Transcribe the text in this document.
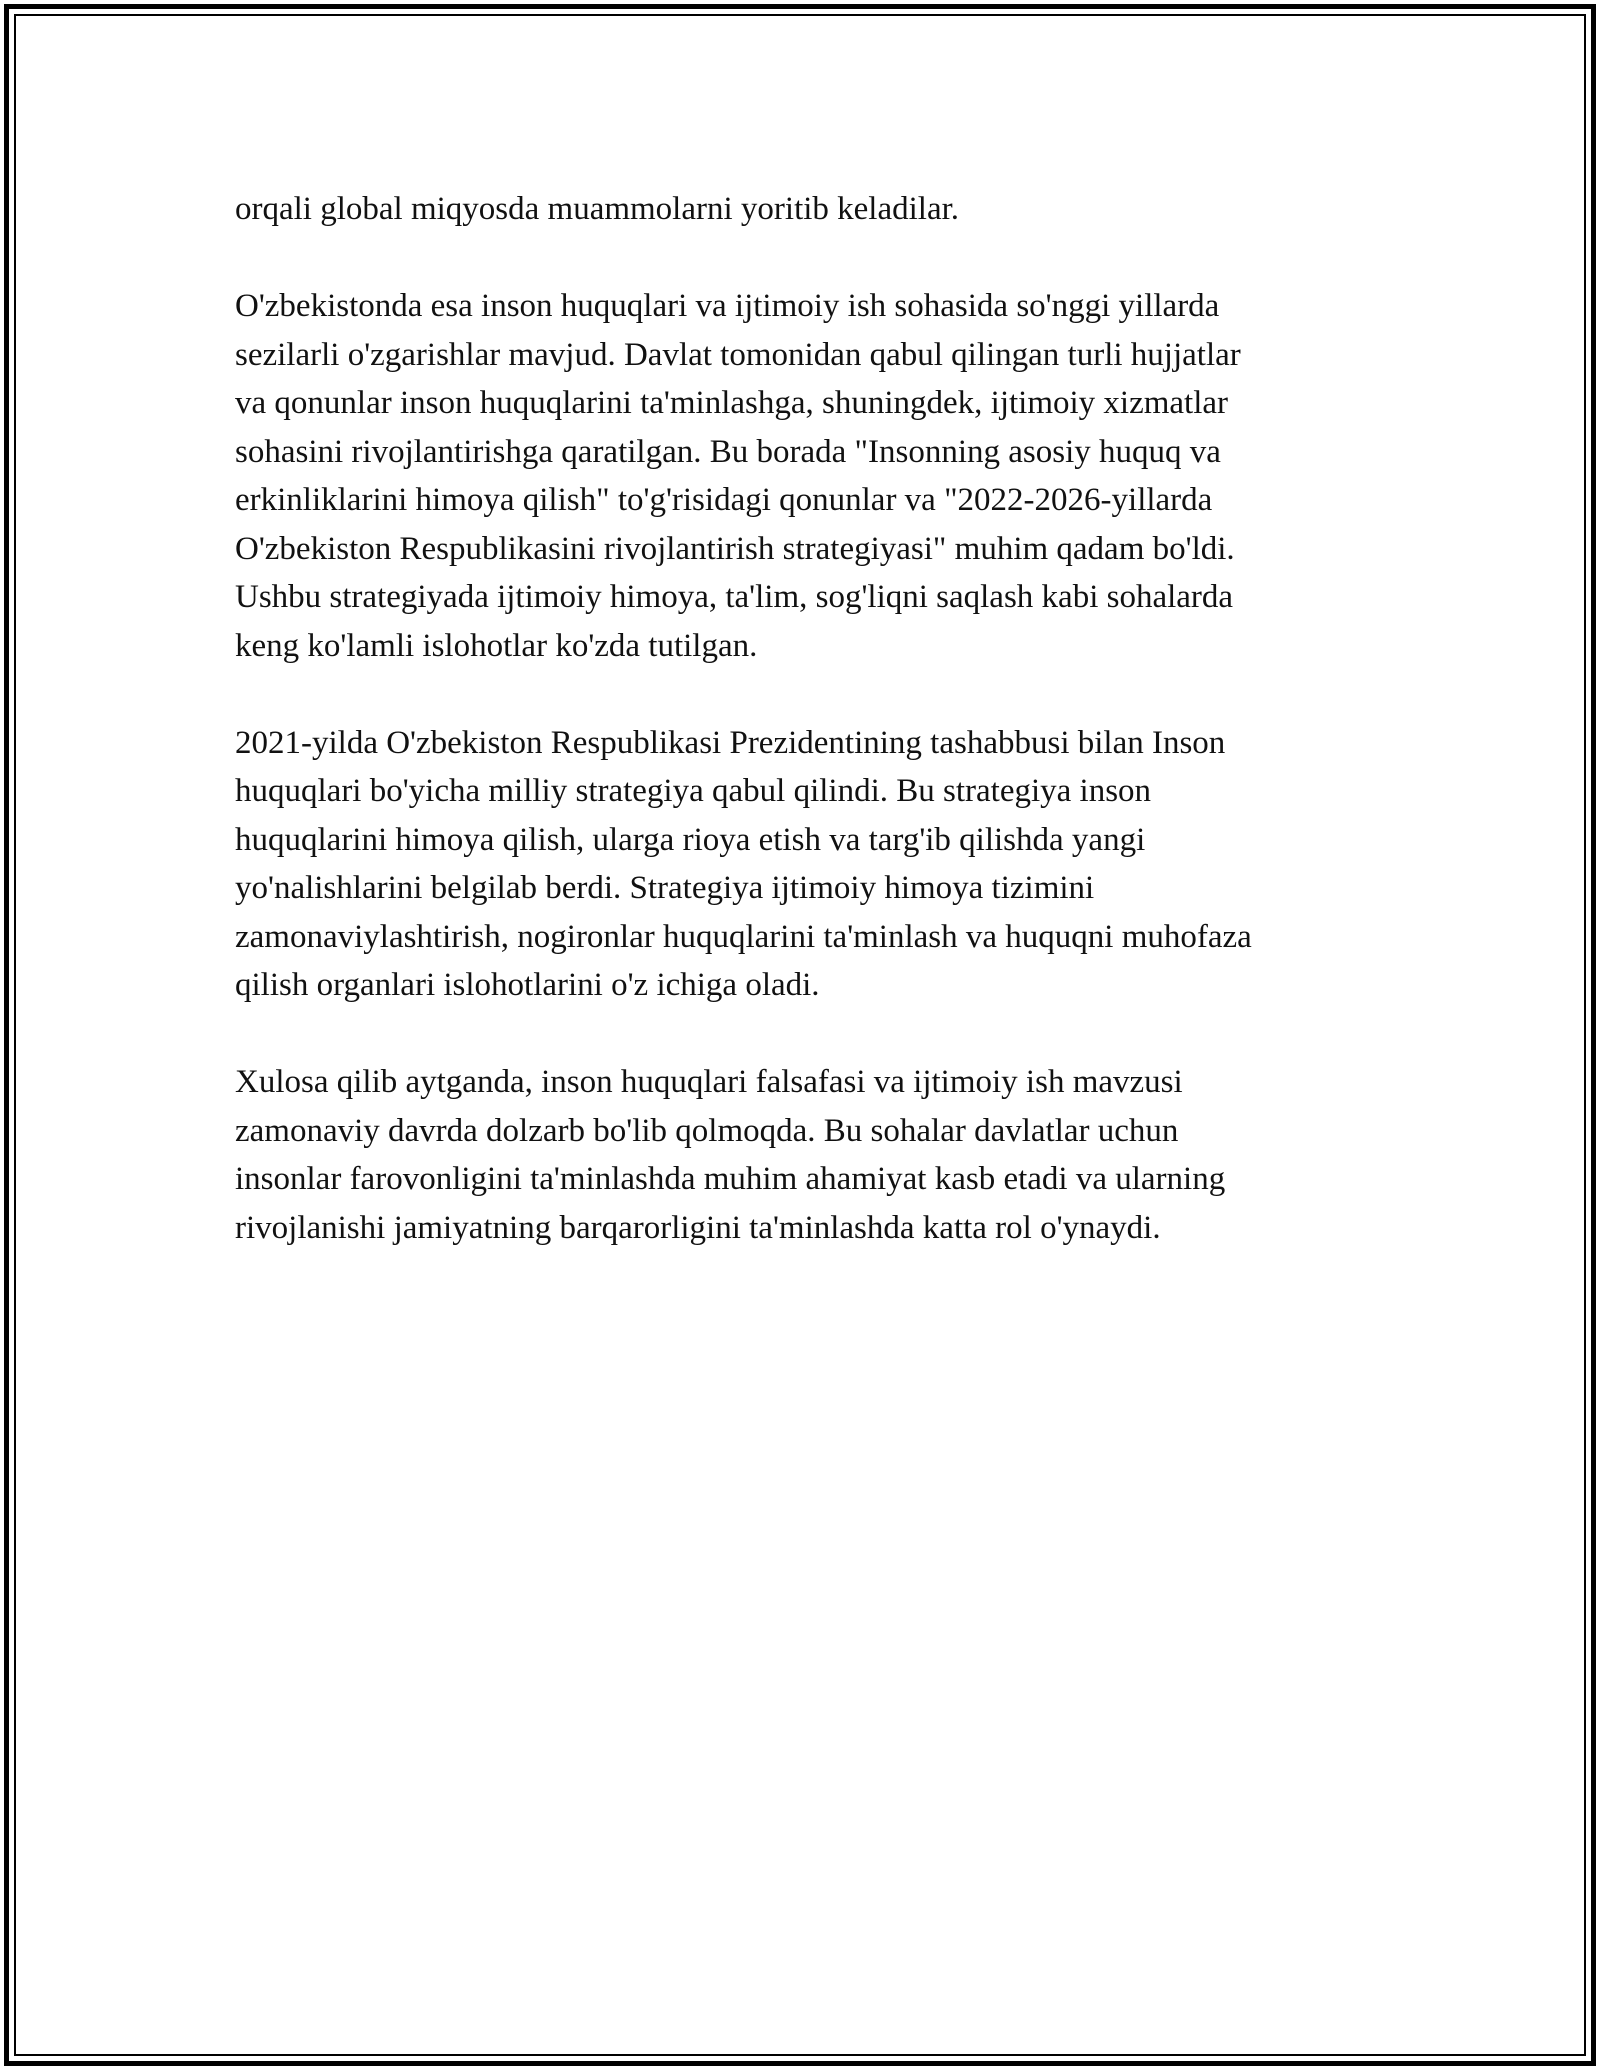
orqali global miqyosda muammolarni yoritib keladilar.

O'zbekistonda esa inson huquqlari va ijtimoiy ish sohasida so'nggi yillarda
sezilarli o'zgarishlar mavjud. Davlat tomonidan qabul qilingan turli hujjatlar
va qonunlar inson huquqlarini ta'minlashga, shuningdek, ijtimoiy xizmatlar
sohasini rivojlantirishga qaratilgan. Bu borada "Insonning asosiy huquq va
erkinliklarini himoya qilish" to'g'risidagi qonunlar va "2022-2026-yillarda
O'zbekiston Respublikasini rivojlantirish strategiyasi" muhim qadam bo'ldi.
Ushbu strategiyada ijtimoiy himoya, ta'lim, sog'liqni saqlash kabi sohalarda
keng ko'lamli islohotlar ko'zda tutilgan.

2021-yilda O'zbekiston Respublikasi Prezidentining tashabbusi bilan Inson
huquqlari bo'yicha milliy strategiya qabul qilindi. Bu strategiya inson
huquqlarini himoya qilish, ularga rioya etish va targ'ib qilishda yangi
yo'nalishlarini belgilab berdi. Strategiya ijtimoiy himoya tizimini
zamonaviylashtirish, nogironlar huquqlarini ta'minlash va huquqni muhofaza
qilish organlari islohotlarini o'z ichiga oladi.

Xulosa qilib aytganda, inson huquqlari falsafasi va ijtimoiy ish mavzusi
zamonaviy davrda dolzarb bo'lib qolmoqda. Bu sohalar davlatlar uchun
insonlar farovonligini ta'minlashda muhim ahamiyat kasb etadi va ularning
rivojlanishi jamiyatning barqarorligini ta'minlashda katta rol o'ynaydi.
